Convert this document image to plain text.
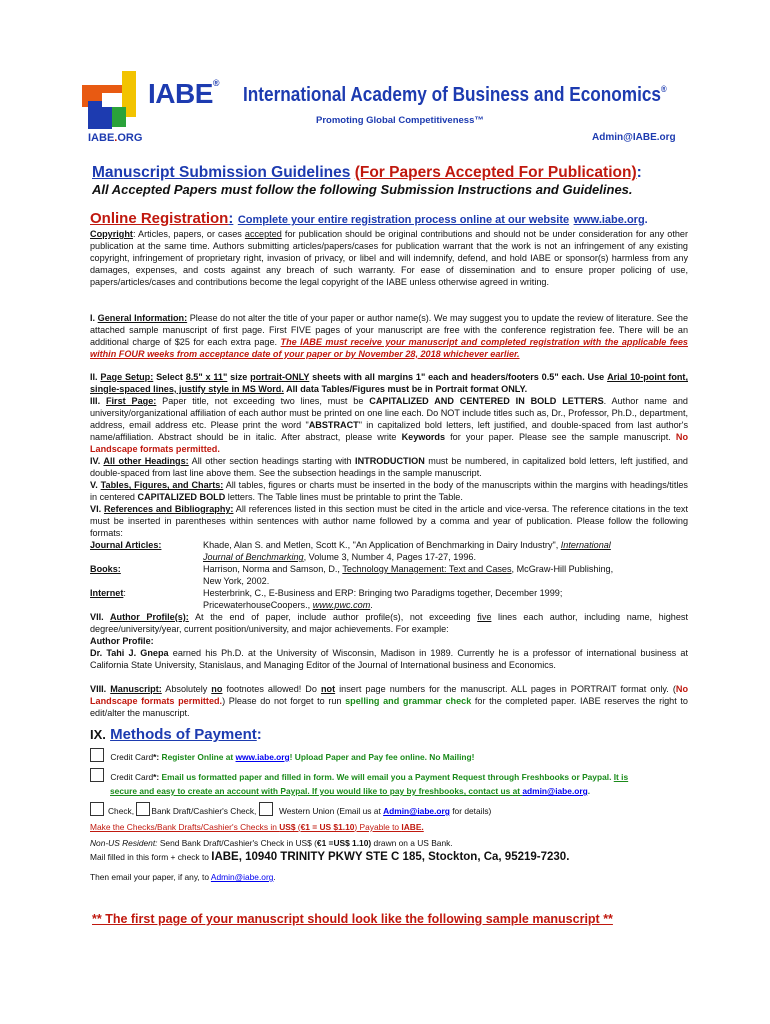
IABE®
International Academy of Business and Economics®
Promoting Global Competitiveness™
IABE.ORG	Admin@IABE.org
Manuscript Submission Guidelines (For Papers Accepted For Publication):
All Accepted Papers must follow the following Submission Instructions and Guidelines.
Online Registration: Complete your entire registration process online at our website www.iabe.org.
Copyright: Articles, papers, or cases accepted for publication should be original contributions and should not be under consideration for any other publication at the same time. Authors submitting articles/papers/cases for publication warrant that the work is not an infringement of any existing copyright, infringement of proprietary right, invasion of privacy, or libel and will indemnify, defend, and hold IABE or sponsor(s) harmless from any damages, expenses, and costs against any breach of such warranty. For ease of dissemination and to ensure proper policing of use, papers/articles/cases and contributions become the legal copyright of the IABE unless otherwise agreed in writing.
I. General Information: Please do not alter the title of your paper or author name(s). We may suggest you to update the review of literature. See the attached sample manuscript of first page. First FIVE pages of your manuscript are free with the conference registration fee. There will be an additional charge of $25 for each extra page. The IABE must receive your manuscript and completed registration with the applicable fees within FOUR weeks from acceptance date of your paper or by November 28, 2018 whichever earlier.
II. Page Setup: Select 8.5" x 11" size portrait-ONLY sheets with all margins 1" each and headers/footers 0.5" each. Use Arial 10-point font, single-spaced lines, justify style in MS Word. All data Tables/Figures must be in Portrait format ONLY.
III. First Page: Paper title, not exceeding two lines, must be CAPITALIZED AND CENTERED IN BOLD LETTERS. Author name and university/organizational affiliation of each author must be printed on one line each. Do NOT include titles such as, Dr., Professor, Ph.D., department, address, email address etc. Please print the word "ABSTRACT" in capitalized bold letters, left justified, and double-spaced from last author's name/affiliation. Abstract should be in italic. After abstract, please write Keywords for your paper. Please see the sample manuscript. No Landscape formats permitted.
IV. All other Headings: All other section headings starting with INTRODUCTION must be numbered, in capitalized bold letters, left justified, and double-spaced from last line above them. See the subsection headings in the sample manuscript.
V. Tables, Figures, and Charts: All tables, figures or charts must be inserted in the body of the manuscripts within the margins with headings/titles in centered CAPITALIZED BOLD letters. The Table lines must be printable to print the Table.
VI. References and Bibliography: All references listed in this section must be cited in the article and vice-versa. The reference citations in the text must be inserted in parentheses within sentences with author name followed by a comma and year of publication. Please follow the following formats:
Journal Articles:	Khade, Alan S. and Metlen, Scott K., "An Application of Benchmarking in Dairy Industry", International
Journal of Benchmarking, Volume 3, Number 4, Pages 17-27, 1996.
Books:	Harrison, Norma and Samson, D., Technology Management: Text and Cases, McGraw-Hill Publishing,
New York, 2002.
Internet:	Hesterbrink, C., E-Business and ERP: Bringing two Paradigms together, December 1999;
PricewaterhouseCoopers., www.pwc.com.
VII. Author Profile(s): At the end of paper, include author profile(s), not exceeding five lines each author, including name, highest degree/university/year, current position/university, and major achievements. For example:
Author Profile:
Dr. Tahi J. Gnepa earned his Ph.D. at the University of Wisconsin, Madison in 1989. Currently he is a professor of international business at California State University, Stanislaus, and Managing Editor of the Journal of International business and Economics.
VIII. Manuscript: Absolutely no footnotes allowed! Do not insert page numbers for the manuscript. ALL pages in PORTRAIT format only. (No Landscape formats permitted.) Please do not forget to run spelling and grammar check for the completed paper. IABE reserves the right to edit/alter the manuscript.
IX. Methods of Payment:
Credit Card*: Register Online at www.iabe.org! Upload Paper and Pay fee online. No Mailing!
Credit Card*: Email us formatted paper and filled in form. We will email you a Payment Request through Freshbooks or Paypal. It is
secure and easy to create an account with Paypal. If you would like to pay by freshbooks, contact us at admin@iabe.org.
Check, Bank Draft/Cashier's Check,  Western Union (Email us at Admin@iabe.org for details)
Make the Checks/Bank Drafts/Cashier's Checks in US$ (€1 = US $1.10) Payable to IABE.
Non-US Resident: Send Bank Draft/Cashier's Check in US$ (€1 =US$ 1.10) drawn on a US Bank.
Mail filled in this form + check to IABE, 10940 TRINITY PKWY STE C 185, Stockton, Ca, 95219-7230.
Then email your paper, if any, to Admin@iabe.org.
** The first page of your manuscript should look like the following sample manuscript **
